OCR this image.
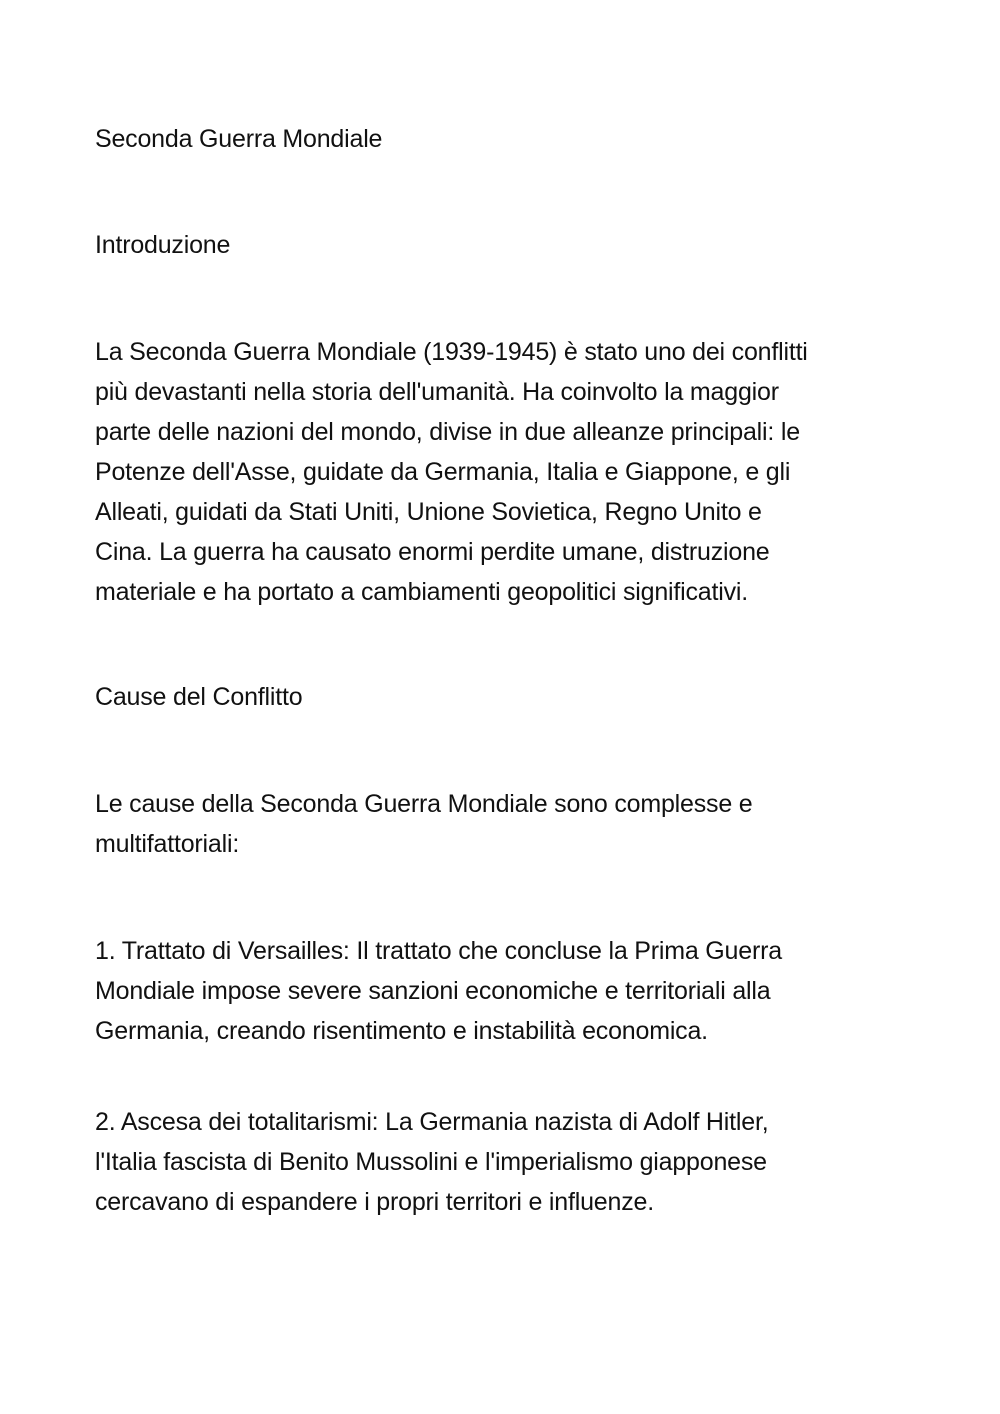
Seconda Guerra Mondiale

Introduzione

La Seconda Guerra Mondiale (1939-1945) è stato uno dei conflitti
più devastanti nella storia dell'umanità. Ha coinvolto la maggior
parte delle nazioni del mondo, divise in due alleanze principali: le
Potenze dell'Asse, guidate da Germania, Italia e Giappone, e gli
Alleati, guidati da Stati Uniti, Unione Sovietica, Regno Unito e
Cina. La guerra ha causato enormi perdite umane, distruzione
materiale e ha portato a cambiamenti geopolitici significativi.

Cause del Conflitto

Le cause della Seconda Guerra Mondiale sono complesse e
multifattoriali:

1. Trattato di Versailles: Il trattato che concluse la Prima Guerra
Mondiale impose severe sanzioni economiche e territoriali alla
Germania, creando risentimento e instabilità economica.

2. Ascesa dei totalitarismi: La Germania nazista di Adolf Hitler,
l'Italia fascista di Benito Mussolini e l'imperialismo giapponese
cercavano di espandere i propri territori e influenze.
